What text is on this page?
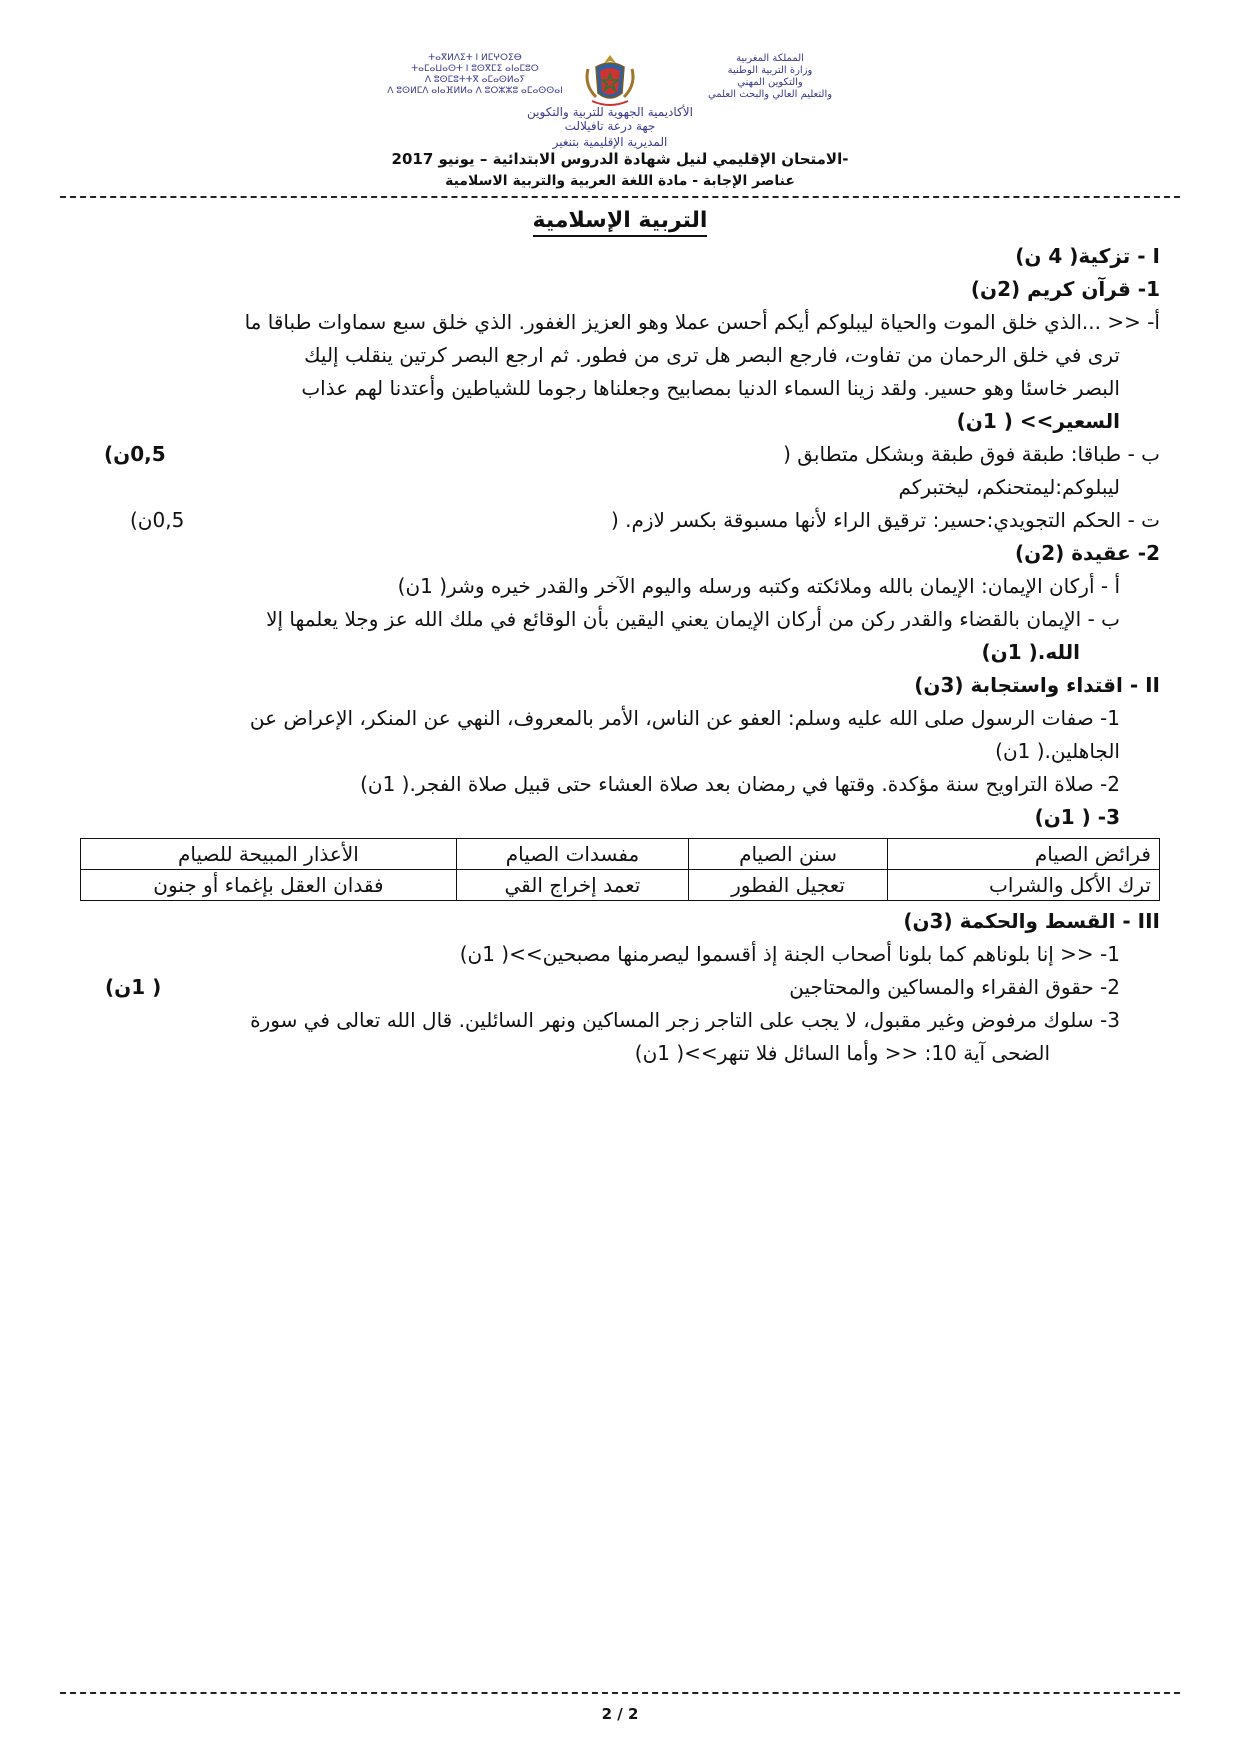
ⵜⴰⴳⵍⴷⵉⵜ ⵏ ⵍⵎⵖⵔⵉⴱ
ⵜⴰⵎⴰⵡⴰⵙⵜ ⵏ ⵓⵙⴳⵎⵉ ⴰⵏⴰⵎⵓⵔ
ⴷ ⵓⵙⵎⵓⵜⵜⴳ ⴰⵎⴰⵙⵍⴰⵢ
ⴷ ⵓⵙⵍⵎⴷ ⴰⵏⴰⴼⵍⵍⴰ ⴷ ⵓⵔⵣⵣⵓ ⴰⵎⴰⵙⵙⴰⵏ
المملكة المغربية
وزارة التربية الوطنية
والتكوين المهني
والتعليم العالي والبحث العلمي
الأكاديمية الجهوية للتربية والتكوين
جهة درعة تافيلالت
المديرية الإقليمية بتنغير
الامتحان الإقليمي لنيل شهادة الدروس الابتدائية – يونيو 2017-
عناصر الإجابة - مادة اللغة العربية والتربية الاسلامية
التربية الإسلامية
I - تزكية( 4 ن)
1- قرآن كريم (2ن)
أ- << ...الذي خلق الموت والحياة ليبلوكم أيكم أحسن عملا وهو العزيز الغفور. الذي خلق سبع سماوات طباقا ما
ترى في خلق الرحمان من تفاوت، فارجع البصر هل ترى من فطور. ثم ارجع البصر كرتين ينقلب إليك
البصر خاسئا وهو حسير. ولقد زينا السماء الدنيا بمصابيح وجعلناها رجوما للشياطين وأعتدنا لهم عذاب
السعير>> ( 1ن)
ب - طباقا: طبقة فوق طبقة وبشكل متطابق (
0,5ن)
ليبلوكم:ليمتحنكم، ليختبركم
ت - الحكم التجويدي:حسير: ترقيق الراء لأنها مسبوقة بكسر لازم. (
0,5ن)
2- عقيدة (2ن)
أ - أركان الإيمان: الإيمان بالله وملائكته وكتبه ورسله واليوم الآخر والقدر خيره وشر( 1ن)
ب - الإيمان بالقضاء والقدر ركن من أركان الإيمان يعني اليقين بأن الوقائع في ملك الله عز وجلا يعلمها إلا
الله.( 1ن)
II - اقتداء واستجابة (3ن)
1- صفات الرسول صلى الله عليه وسلم: العفو عن الناس، الأمر بالمعروف، النهي عن المنكر، الإعراض عن
الجاهلين.( 1ن)
2- صلاة التراويح سنة مؤكدة. وقتها في رمضان بعد صلاة العشاء حتى قبيل صلاة الفجر.( 1ن)
3- ( 1ن)
فرائض الصيام	سنن الصيام	مفسدات الصيام	الأعذار المبيحة للصيام
ترك الأكل والشراب	تعجيل الفطور	تعمد إخراج القي	فقدان العقل بإغماء أو جنون
III - القسط والحكمة (3ن)
1- << إنا بلوناهم كما بلونا أصحاب الجنة إذ أقسموا ليصرمنها مصبحين>>( 1ن)
2- حقوق الفقراء والمساكين والمحتاجين
( 1ن)
3- سلوك مرفوض وغير مقبول، لا يجب على التاجر زجر المساكين ونهر السائلين. قال الله تعالى في سورة
الضحى آية 10: << وأما السائل فلا تنهر>>( 1ن)
2 / 2
